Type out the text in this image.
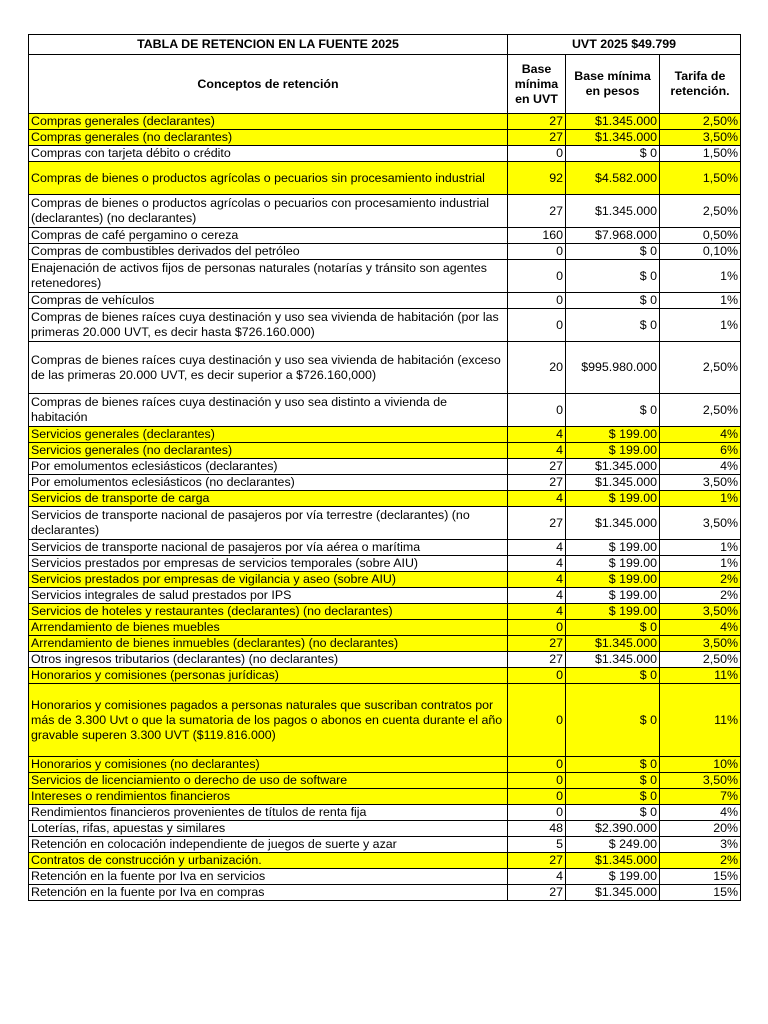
TABLA DE RETENCION EN LA FUENTE 2025	UVT 2025 $49.799		
Conceptos de retención	Base mínima en UVT	Base mínima en pesos	Tarifa de retención.
Compras generales (declarantes)	27	$1.345.000	2,50%
Compras generales (no declarantes)	27	$1.345.000	3,50%
Compras con tarjeta débito o crédito	0	$ 0	1,50%
Compras de bienes o productos agrícolas o pecuarios sin procesamiento industrial	92	$4.582.000	1,50%
Compras de bienes o productos agrícolas o pecuarios con procesamiento industrial (declarantes) (no declarantes)	27	$1.345.000	2,50%
Compras de café pergamino o cereza	160	$7.968.000	0,50%
Compras de combustibles derivados del petróleo	0	$ 0	0,10%
Enajenación de activos fijos de personas naturales (notarías y tránsito son agentes retenedores)	0	$ 0	1%
Compras de vehículos	0	$ 0	1%
Compras de bienes raíces cuya destinación y uso sea vivienda de habitación (por las primeras 20.000 UVT, es decir hasta $726.160.000)	0	$ 0	1%
Compras de bienes raíces cuya destinación y uso sea vivienda de habitación (exceso de las primeras 20.000 UVT, es decir superior a $726.160,000)	20	$995.980.000	2,50%
Compras de bienes raíces cuya destinación y uso sea distinto a vivienda de habitación	0	$ 0	2,50%
Servicios generales (declarantes)	4	$ 199.00	4%
Servicios generales (no declarantes)	4	$ 199.00	6%
Por emolumentos eclesiásticos (declarantes)	27	$1.345.000	4%
Por emolumentos eclesiásticos (no declarantes)	27	$1.345.000	3,50%
Servicios de transporte de carga	4	$ 199.00	1%
Servicios de transporte nacional de pasajeros por vía terrestre (declarantes) (no declarantes)	27	$1.345.000	3,50%
Servicios de transporte nacional de pasajeros por vía aérea o marítima	4	$ 199.00	1%
Servicios prestados por empresas de servicios temporales (sobre AIU)	4	$ 199.00	1%
Servicios prestados por empresas de vigilancia y aseo (sobre AIU)	4	$ 199.00	2%
Servicios integrales de salud prestados por IPS	4	$ 199.00	2%
Servicios de hoteles y restaurantes (declarantes) (no declarantes)	4	$ 199.00	3,50%
Arrendamiento de bienes muebles	0	$ 0	4%
Arrendamiento de bienes inmuebles (declarantes) (no declarantes)	27	$1.345.000	3,50%
Otros ingresos tributarios (declarantes) (no declarantes)	27	$1.345.000	2,50%
Honorarios y comisiones (personas jurídicas)	0	$ 0	11%
Honorarios y comisiones pagados a personas naturales que suscriban contratos por más de 3.300 Uvt o que la sumatoria de los pagos o abonos en cuenta durante el año gravable superen 3.300 UVT ($119.816.000)	0	$ 0	11%
Honorarios y comisiones (no declarantes)	0	$ 0	10%
Servicios de licenciamiento o derecho de uso de software	0	$ 0	3,50%
Intereses o rendimientos financieros	0	$ 0	7%
Rendimientos financieros provenientes de títulos de renta fija	0	$ 0	4%
Loterías, rifas, apuestas y similares	48	$2.390.000	20%
Retención en colocación independiente de juegos de suerte y azar	5	$ 249.00	3%
Contratos de construcción y urbanización.	27	$1.345.000	2%
Retención en la fuente por Iva en servicios	4	$ 199.00	15%
Retención en la fuente por Iva en compras	27	$1.345.000	15%
